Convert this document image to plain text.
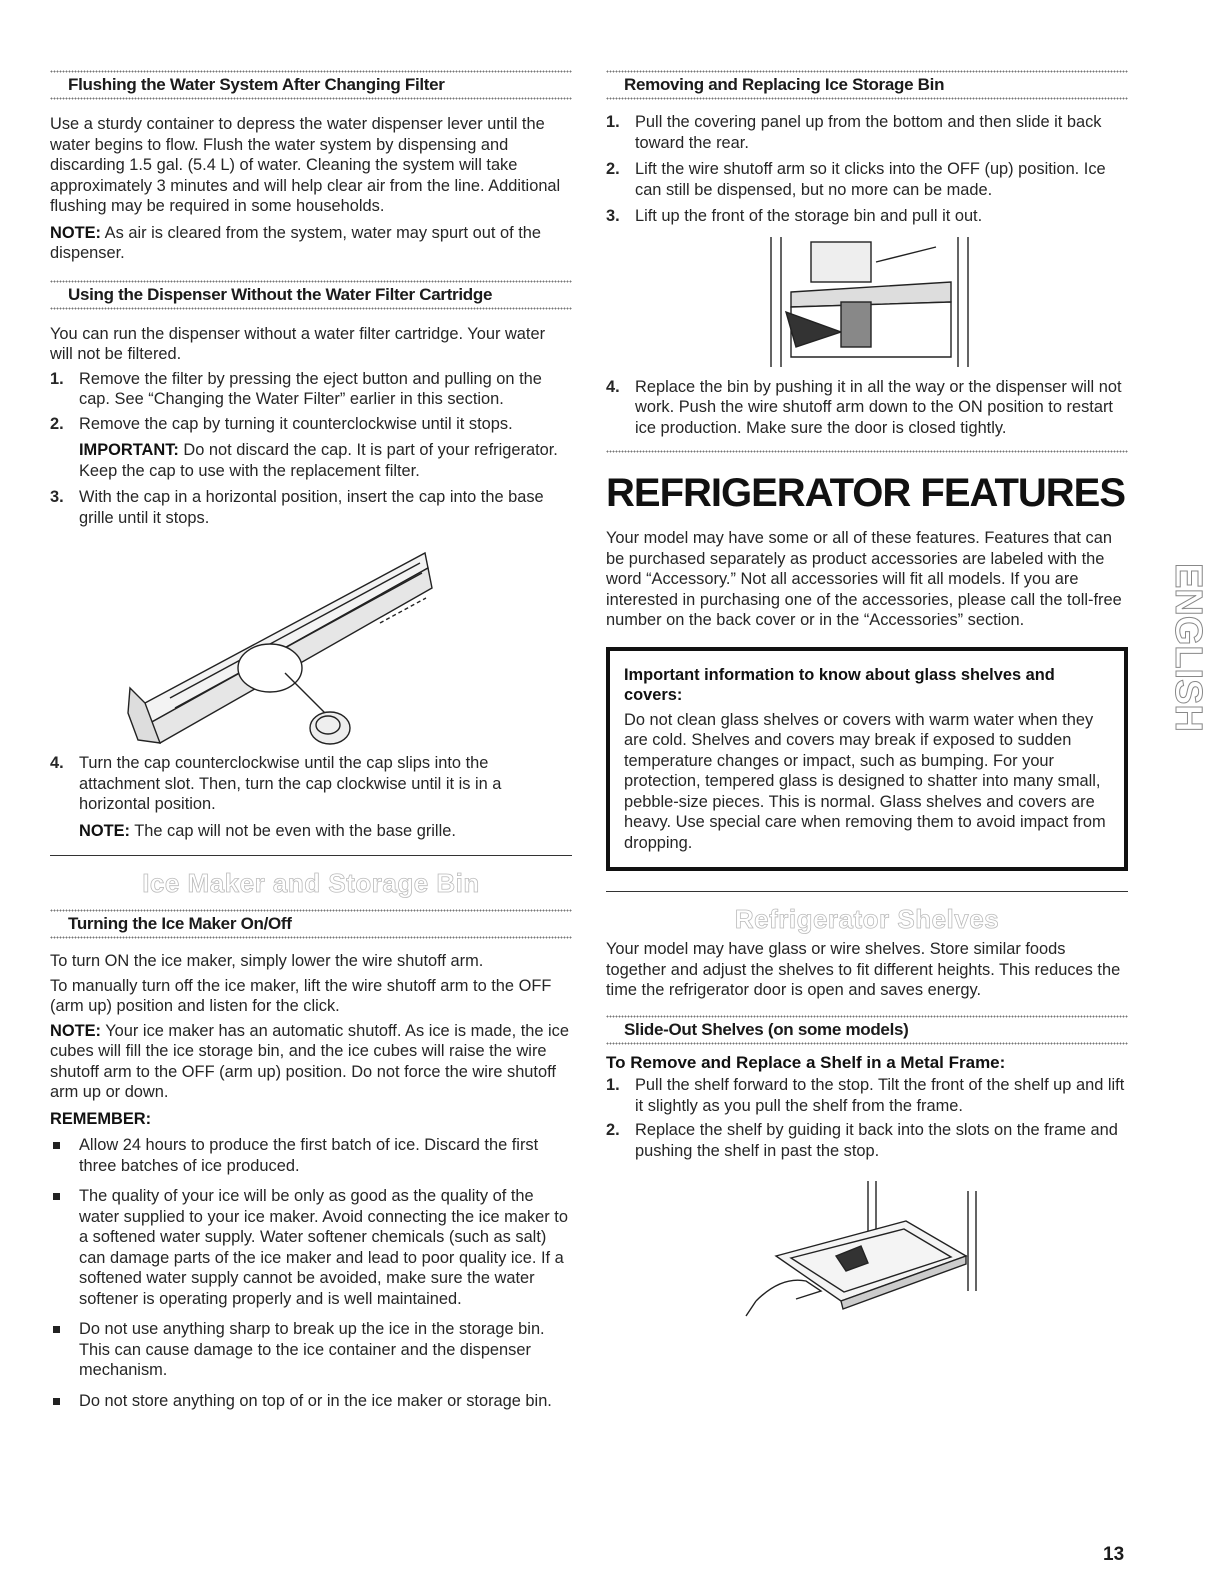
Flushing the Water System After Changing Filter

Use a sturdy container to depress the water dispenser lever until the water begins to flow. Flush the water system by dispensing and discarding 1.5 gal. (5.4 L) of water. Cleaning the system will take approximately 3 minutes and will help clear air from the line. Additional flushing may be required in some households.

NOTE: As air is cleared from the system, water may spurt out of the dispenser.

Using the Dispenser Without the Water Filter Cartridge

You can run the dispenser without a water filter cartridge. Your water will not be filtered.

1. Remove the filter by pressing the eject button and pulling on the cap. See “Changing the Water Filter” earlier in this section.
2. Remove the cap by turning it counterclockwise until it stops.
IMPORTANT: Do not discard the cap. It is part of your refrigerator. Keep the cap to use with the replacement filter.
3. With the cap in a horizontal position, insert the cap into the base grille until it stops.
4. Turn the cap counterclockwise until the cap slips into the attachment slot. Then, turn the cap clockwise until it is in a horizontal position.
NOTE: The cap will not be even with the base grille.
Ice Maker and Storage Bin
Turning the Ice Maker On/Off

To turn ON the ice maker, simply lower the wire shutoff arm.

To manually turn off the ice maker, lift the wire shutoff arm to the OFF (arm up) position and listen for the click.

NOTE: Your ice maker has an automatic shutoff. As ice is made, the ice cubes will fill the ice storage bin, and the ice cubes will raise the wire shutoff arm to the OFF (arm up) position. Do not force the wire shutoff arm up or down.

REMEMBER:

Allow 24 hours to produce the first batch of ice. Discard the first three batches of ice produced.
The quality of your ice will be only as good as the quality of the water supplied to your ice maker. Avoid connecting the ice maker to a softened water supply. Water softener chemicals (such as salt) can damage parts of the ice maker and lead to poor quality ice. If a softened water supply cannot be avoided, make sure the water softener is operating properly and is well maintained.
Do not use anything sharp to break up the ice in the storage bin. This can cause damage to the ice container and the dispenser mechanism.
Do not store anything on top of or in the ice maker or storage bin.
Removing and Replacing Ice Storage Bin
1. Pull the covering panel up from the bottom and then slide it back toward the rear.
2. Lift the wire shutoff arm so it clicks into the OFF (up) position. Ice can still be dispensed, but no more can be made.
3. Lift up the front of the storage bin and pull it out.
4. Replace the bin by pushing it in all the way or the dispenser will not work. Push the wire shutoff arm down to the ON position to restart ice production. Make sure the door is closed tightly.
REFRIGERATOR FEATURES

Your model may have some or all of these features. Features that can be purchased separately as product accessories are labeled with the word “Accessory.” Not all accessories will fit all models. If you are interested in purchasing one of the accessories, please call the toll-free number on the back cover or in the “Accessories” section.

Important information to know about glass shelves and covers:

Do not clean glass shelves or covers with warm water when they are cold. Shelves and covers may break if exposed to sudden temperature changes or impact, such as bumping. For your protection, tempered glass is designed to shatter into many small, pebble-size pieces. This is normal. Glass shelves and covers are heavy. Use special care when removing them to avoid impact from dropping.

Refrigerator Shelves

Your model may have glass or wire shelves. Store similar foods together and adjust the shelves to fit different heights. This reduces the time the refrigerator door is open and saves energy.

Slide-Out Shelves (on some models)

To Remove and Replace a Shelf in a Metal Frame:

1. Pull the shelf forward to the stop. Tilt the front of the shelf up and lift it slightly as you pull the shelf from the frame.
2. Replace the shelf by guiding it back into the slots on the frame and pushing the shelf in past the stop.
ENGLISH
13
